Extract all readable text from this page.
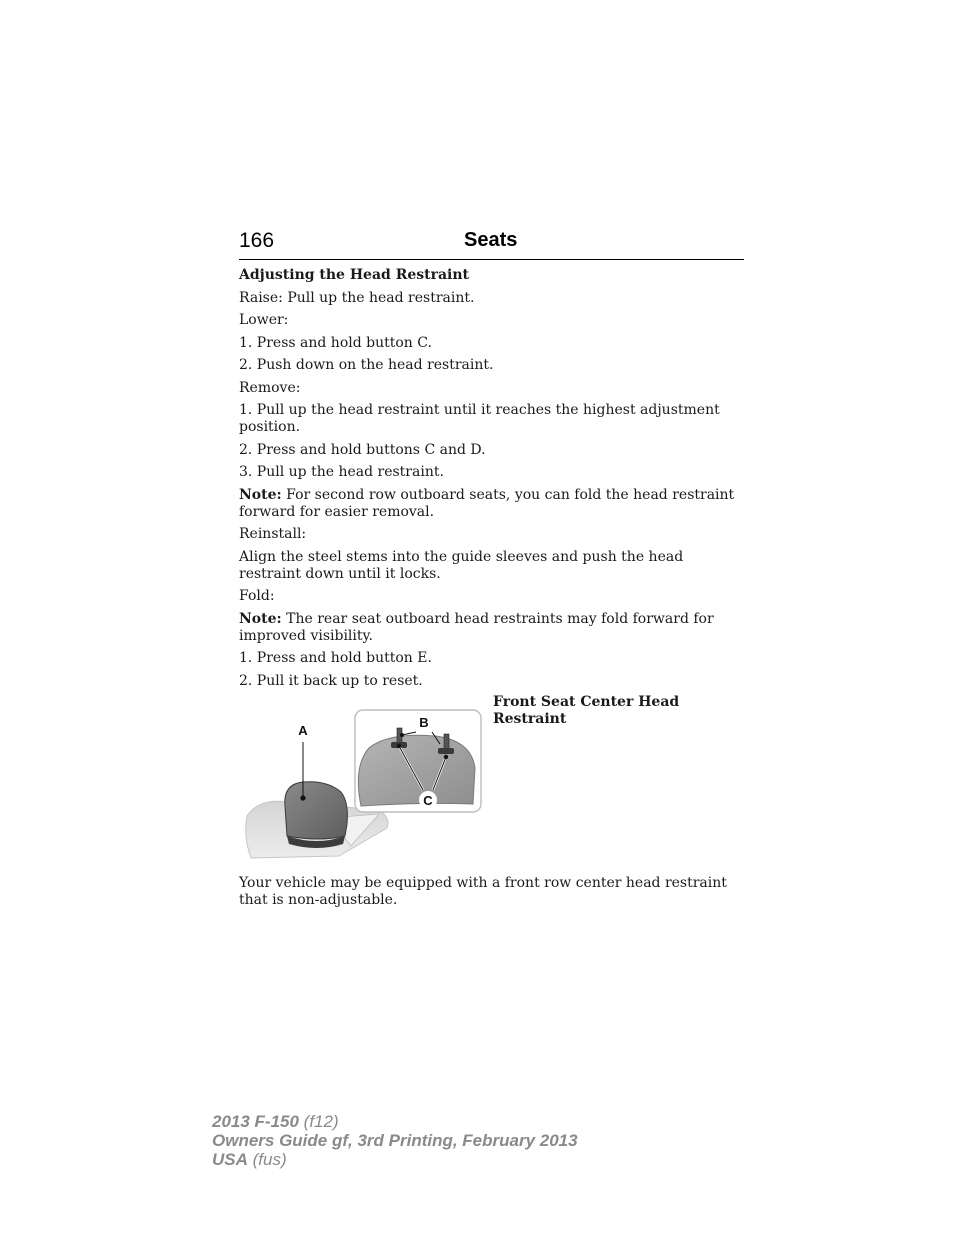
166	Seats

Adjusting the Head Restraint

Raise: Pull up the head restraint.

Lower:

1. Press and hold button C.

2. Push down on the head restraint.

Remove:

1. Pull up the head restraint until it reaches the highest adjustment position.

2. Press and hold buttons C and D.

3. Pull up the head restraint.

Note: For second row outboard seats, you can fold the head restraint forward for easier removal.

Reinstall:

Align the steel stems into the guide sleeves and push the head restraint down until it locks.

Fold:

Note: The rear seat outboard head restraints may fold forward for improved visibility.

1. Press and hold button E.

2. Pull it back up to reset.

A
B
C
Front Seat Center Head Restraint
Your vehicle may be equipped with a front row center head restraint that is non-adjustable.
2013 F-150 (f12)
Owners Guide gf, 3rd Printing, February 2013
USA (fus)
